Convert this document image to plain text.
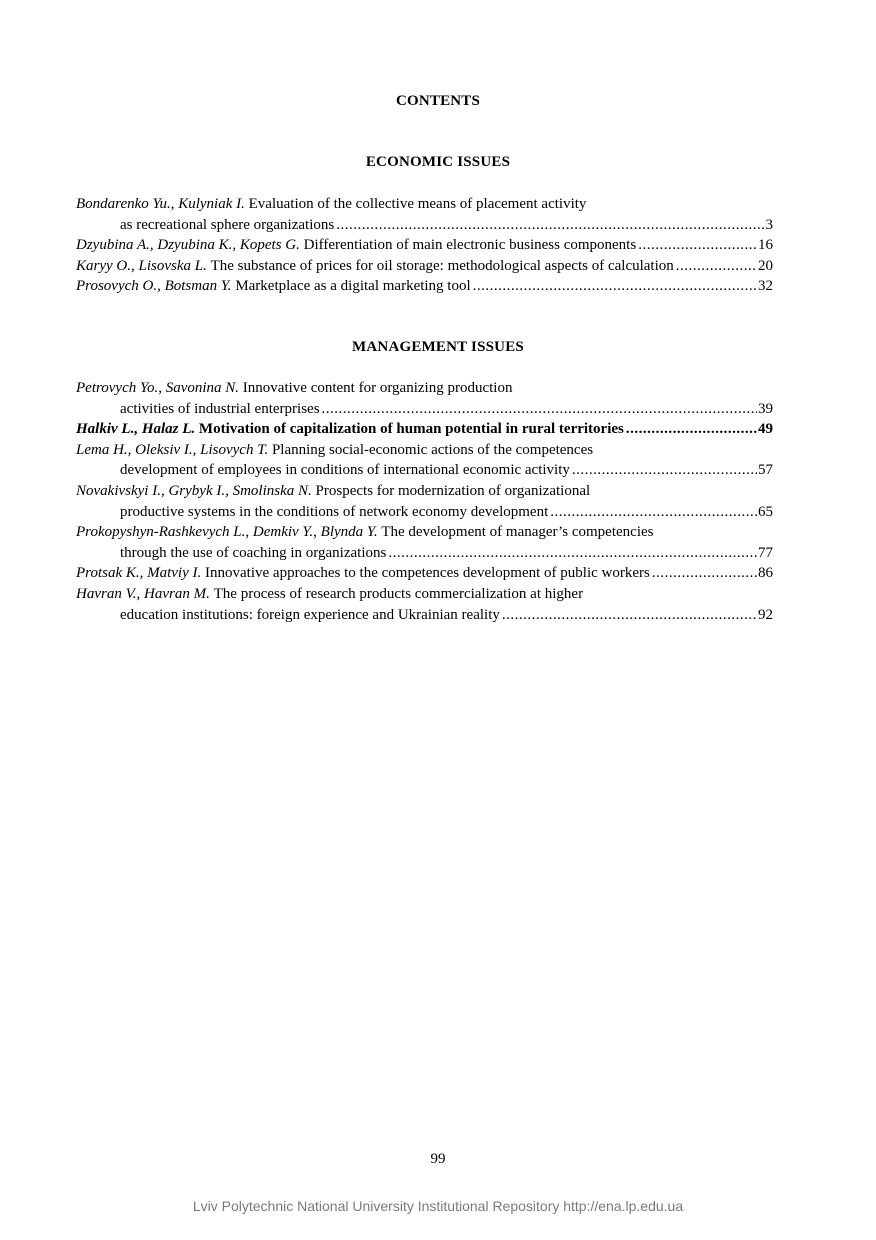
CONTENTS
ECONOMIC ISSUES
Bondarenko Yu., Kulyniak I.
Evaluation of the collective means of placement activity
as recreational sphere organizations .....	3
Dzyubina A., Dzyubina K., Kopets G.
Differentiation of main electronic business components .....	16
Karyy O., Lisovska L.
The substance of prices for oil storage: methodological aspects of calculation .....	20
Prosovych O., Botsman Y.
Marketplace as a digital marketing tool .....	32
MANAGEMENT ISSUES
Petrovych Yo., Savonina N.
Innovative content for organizing production
activities of industrial enterprises .....	39
Halkiv L., Halaz L.
Motivation of capitalization of human potential in rural territories .....	49
Lema H., Oleksiv I., Lisovych T.
Planning social-economic actions of the competences
development of employees in conditions of international economic activity .....	57
Novakivskyi I., Grybyk I., Smolinska N.
Prospects for modernization of organizational
productive systems in the conditions of network economy development .....	65
Prokopyshyn-Rashkevych L., Demkiv Y., Blynda Y.
The development of manager’s competencies
through the use of coaching in organizations .....	77
Protsak K., Matviy I.
Innovative approaches to the competences development of public workers .....	86
Havran V., Havran M.
The process of research products commercialization at higher
education institutions: foreign experience and Ukrainian reality .....	92
99
Lviv Polytechnic National University Institutional Repository http://ena.lp.edu.ua
